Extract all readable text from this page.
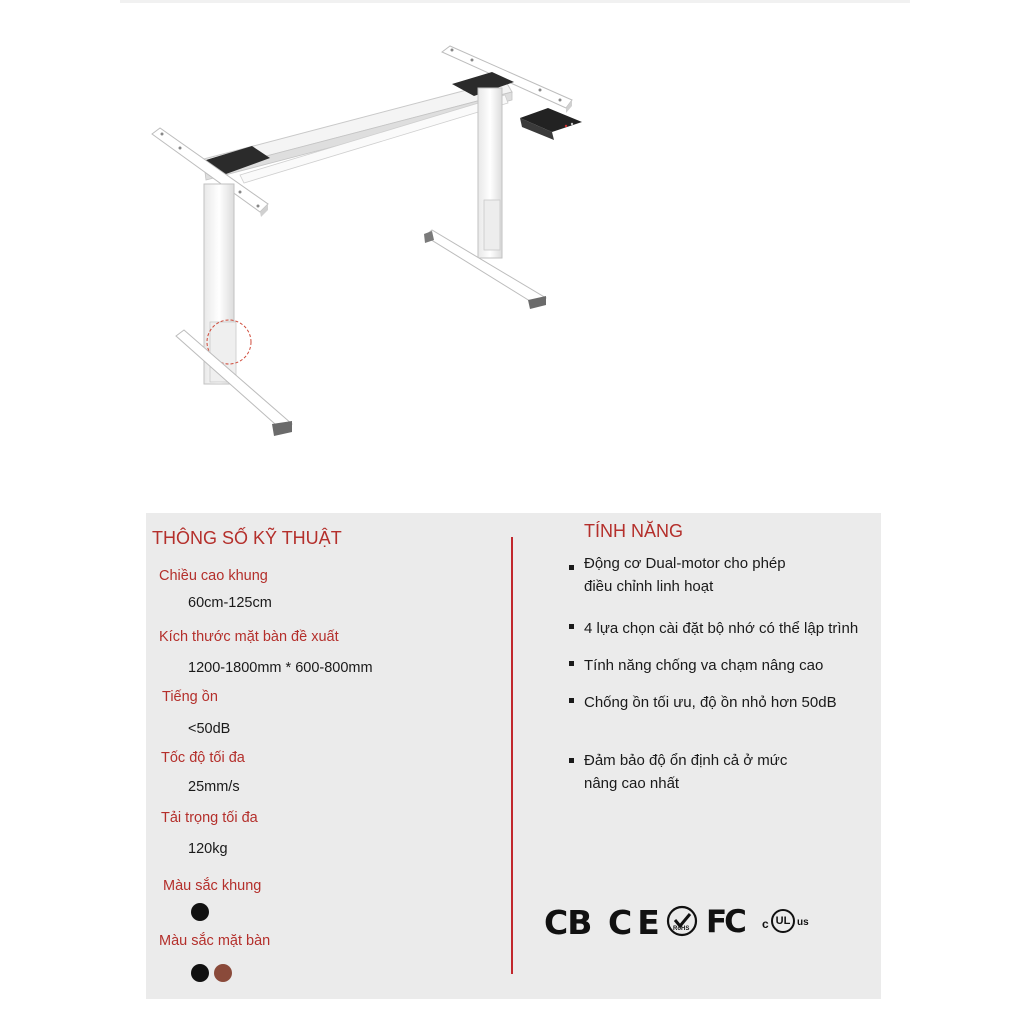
THÔNG SỐ KỸ THUẬT
Chiều cao khung
60cm-125cm
Kích thước mặt bàn đề xuất
1200-1800mm * 600-800mm
Tiếng ồn
<50dB
Tốc độ tối đa
25mm/s
Tải trọng tối đa
120kg
Màu sắc khung
Màu sắc mặt bàn
TÍNH NĂNG
Động cơ Dual-motor cho phép
điều chỉnh linh hoạt
4 lựa chọn cài đặt bộ nhớ có thể lập trình
Tính năng chống va chạm nâng cao
Chống ồn tối ưu, độ ồn nhỏ hơn 50dB
Đảm bảo độ ổn định cả ở mức
nâng cao nhất
CB CE RoHS FC c UL us
